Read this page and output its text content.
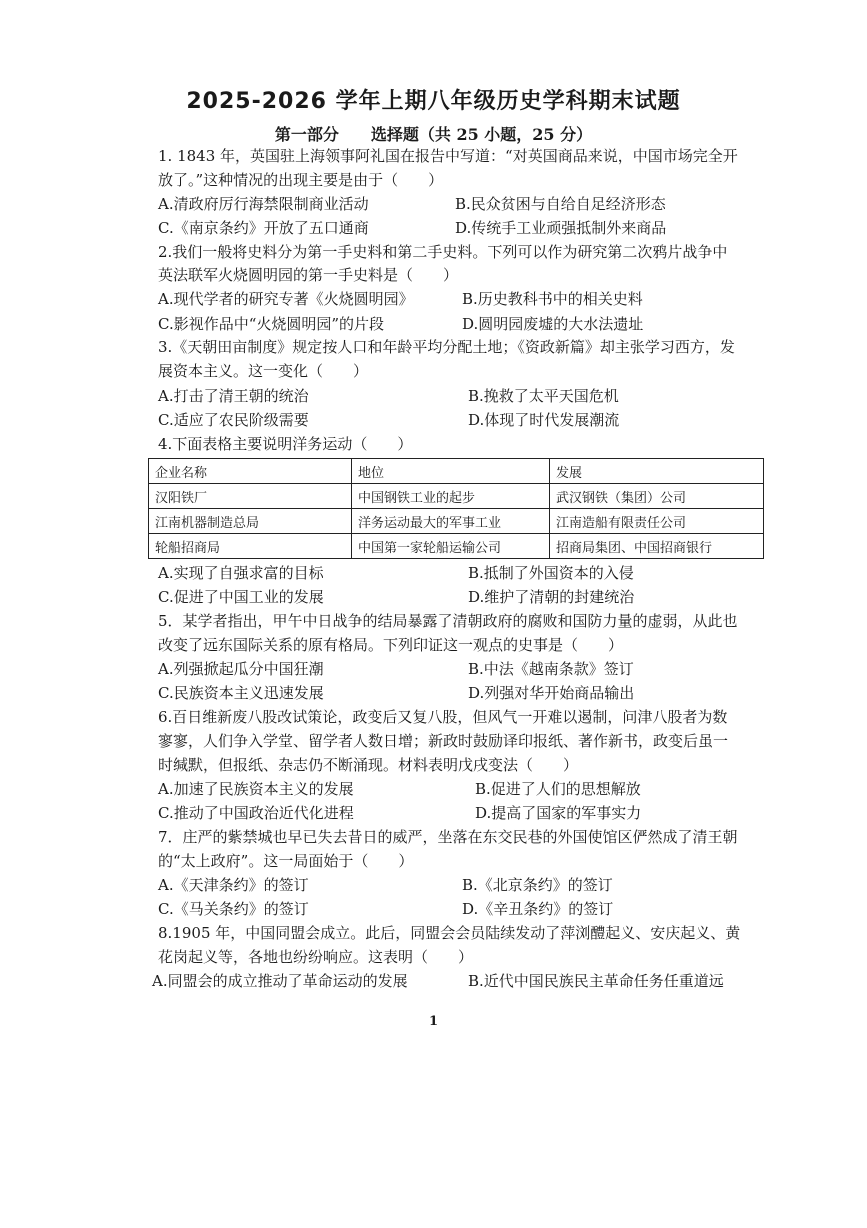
2025-2026 学年上期八年级历史学科期末试题
第一部分　　选择题（共 25 小题，25 分）
1. 1843 年，英国驻上海领事阿礼国在报告中写道：“对英国商品来说，中国市场完全开
放了。”这种情况的出现主要是由于（　　）
A.清政府厉行海禁限制商业活动	B.民众贫困与自给自足经济形态
C.《南京条约》开放了五口通商	D.传统手工业顽强抵制外来商品
2.我们一般将史料分为第一手史料和第二手史料。下列可以作为研究第二次鸦片战争中
英法联军火烧圆明园的第一手史料是（　　）
A.现代学者的研究专著《火烧圆明园》	B.历史教科书中的相关史料
C.影视作品中“火烧圆明园”的片段	D.圆明园废墟的大水法遗址
3.《天朝田亩制度》规定按人口和年龄平均分配土地；《资政新篇》却主张学习西方，发
展资本主义。这一变化（　　）
A.打击了清王朝的统治	B.挽救了太平天国危机
C.适应了农民阶级需要	D.体现了时代发展潮流
4.下面表格主要说明洋务运动（　　）
企业名称	地位	发展
汉阳铁厂	中国钢铁工业的起步	武汉钢铁（集团）公司
江南机器制造总局	洋务运动最大的军事工业	江南造船有限责任公司
轮船招商局	中国第一家轮船运输公司	招商局集团、中国招商银行
A.实现了自强求富的目标	B.抵制了外国资本的入侵
C.促进了中国工业的发展	D.维护了清朝的封建统治
5．某学者指出，甲午中日战争的结局暴露了清朝政府的腐败和国防力量的虚弱，从此也
改变了远东国际关系的原有格局。下列印证这一观点的史事是（　　）
A.列强掀起瓜分中国狂潮	B.中法《越南条款》签订
C.民族资本主义迅速发展	D.列强对华开始商品输出
6.百日维新废八股改试策论，政变后又复八股，但风气一开难以遏制，问津八股者为数
寥寥，人们争入学堂、留学者人数日增；新政时鼓励译印报纸、著作新书，政变后虽一
时缄默，但报纸、杂志仍不断涌现。材料表明戊戌变法（　　）
A.加速了民族资本主义的发展	B.促进了人们的思想解放
C.推动了中国政治近代化进程	D.提高了国家的军事实力
7．庄严的紫禁城也早已失去昔日的威严，坐落在东交民巷的外国使馆区俨然成了清王朝
的“太上政府”。这一局面始于（　　）
A.《天津条约》的签订	B.《北京条约》的签订
C.《马关条约》的签订	D.《辛丑条约》的签订
8.1905 年，中国同盟会成立。此后，同盟会会员陆续发动了萍浏醴起义、安庆起义、黄
花岗起义等，各地也纷纷响应。这表明（　　）
A.同盟会的成立推动了革命运动的发展	B.近代中国民族民主革命任务任重道远
1
